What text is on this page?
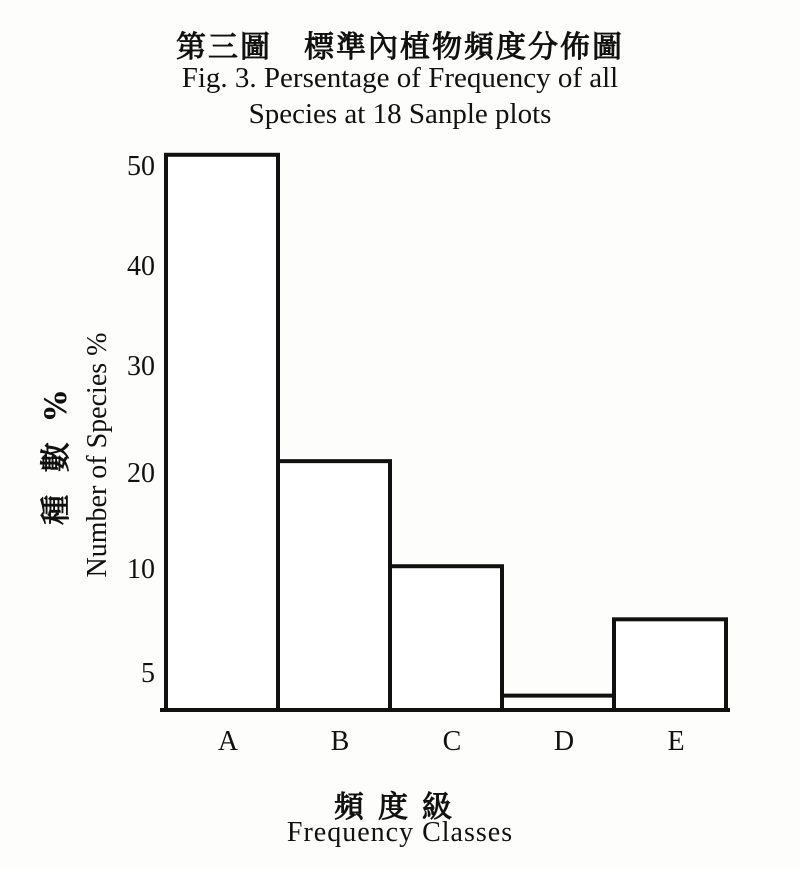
第三圖　標準內植物頻度分佈圖
Fig. 3. Persentage of Frequency of all
Species at 18 Sanple plots
5
10
20
30
40
50
A	B	C	D	E
Number of Species %
種 數 %
頻度級
Frequency Classes
